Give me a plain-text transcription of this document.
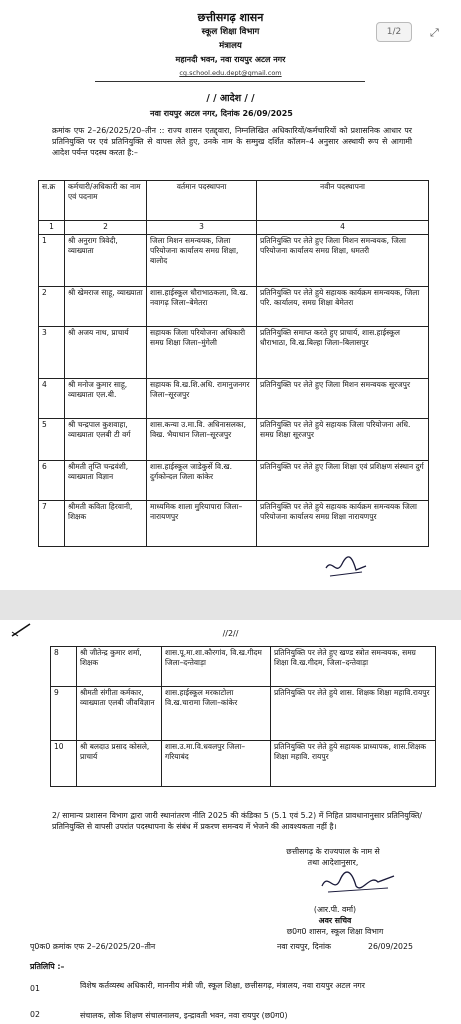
1/2	⤢
छत्तीसगढ़ शासन
स्कूल शिक्षा विभाग
मंत्रालय
महानदी भवन, नवा रायपुर अटल नगर
cg.school.edu.dept@gmail.com
/ / आदेश / /
नवा रायपुर अटल नगर, दिनांक 26/09/2025
क्रमांक एफ 2–26/2025/20–तीन :: राज्य शासन एतद्द्वारा, निम्नलिखित अधिकारियों/कर्मचारियों को प्रशासनिक आधार पर प्रतिनियुक्ति पर एवं प्रतिनियुक्ति से वापस लेते हुए, उनके नाम के सम्मुख दर्शित कॉलम–4 अनुसार अस्थायी रूप से आगामी आदेश पर्यन्त पदस्थ करता है:–
स.क्र	कर्मचारी/अधिकारी का नाम एवं पदनाम	वर्तमान पदस्थापना	नवीन पदस्थापना
1	2	3	4
1	श्री अनुराग त्रिवेदी, व्याख्याता	जिला मिशन समन्वयक, जिला परियोजना कार्यालय समग्र शिक्षा, बालोद	प्रतिनियुक्ति पर लेते हुए जिला मिशन समन्वयक, जिला परियोजना कार्यालय समग्र शिक्षा, धमतरी
2	श्री खेमराज साहू, व्याख्याता	शास.हाईस्कूल धौराभाठकला, वि.ख. नवागढ़ जिला–बेमेतरा	प्रतिनियुक्ति पर लेते हुये सहायक कार्यक्रम समन्वयक, जिला परि. कार्यालय, समग्र शिक्षा बेमेतरा
3	श्री अजय नाथ, प्राचार्य	सहायक जिला परियोजना अधिकारी समग्र शिक्षा जिला–मुंगेली	प्रतिनियुक्ति समाप्त करते हुए प्राचार्य, शास.हाईस्कूल धौराभाठा, वि.ख.बिल्हा जिला–बिलासपुर
4	श्री मनोज कुमार साहू, व्याख्याता एल.बी.	सहायक वि.ख.शि.अधि. रामानुजनगर जिला–सूरजपुर	प्रतिनियुक्ति पर लेते हुए जिला मिशन समन्वयक सूरजपुर
5	श्री चन्द्रपाल कुशवाहा, व्याख्याता एलबी टी वर्ग	शास.कन्या उ.मा.वि. अधिनासलका, विख. भैयाथान जिला–सूरजपुर	प्रतिनियुक्ति पर लेते हुये सहायक जिला परियोजना अधि. समग्र शिक्षा सूरजपुर
6	श्रीमती तृप्ति चन्द्रवंशी, व्याख्याता विज्ञान	शास.हाईस्कूल जाडेकुर्से वि.ख. दुर्गकोन्दल जिला कांकेर	प्रतिनियुक्ति पर लेते हुए जिला शिक्षा एवं प्रशिक्षण संस्थान दुर्ग
7	श्रीमती कविता हिरवानी, शिक्षक	माध्यमिक शाला मुरियापारा जिला–नारायणपुर	प्रतिनियुक्ति पर लेते हुये सहायक कार्यक्रम समन्वयक जिला परियोजना कार्यालय समग्र शिक्षा नारायणपुर
//2//
8	श्री जीतेन्द्र कुमार शर्मा, शिक्षक	शास.पू.मा.शा.कौरगांव, वि.ख.गीदम जिला–दन्तेवाड़ा	प्रतिनियुक्ति पर लेते हुए खण्ड स्त्रोत समन्वयक, समग्र शिक्षा वि.ख.गीदम, जिला–दन्तेवाड़ा
9	श्रीमती संगीता कर्मकार, व्याख्याता एलबी जीवविज्ञान	शास.हाईस्कूल मरकाटोला वि.ख.चारामा जिला–कांकेर	प्रतिनियुक्ति पर लेते हुये शास. शिक्षक शिक्षा महावि.रायपुर
10	श्री बलदाउ प्रसाद कोसले, प्राचार्य	शास.उ.मा.वि.धवलपुर जिला–गरियाबंद	प्रतिनियुक्ति पर लेते हुये सहायक प्राध्यापक, शास.शिक्षक शिक्षा महावि. रायपुर
2/ सामान्य प्रशासन विभाग द्वारा जारी स्थानांतरण नीति 2025 की कंडिका 5 (5.1 एवं 5.2) में निहित प्रावधानानुसार प्रतिनियुक्ति/प्रतिनियुक्ति से वापसी उपरांत पदस्थापना के संबंध में प्रकरण समन्वय में भेजने की आवश्यकता नहीं है।
छत्तीसगढ़ के राज्यपाल के नाम से
तथा आदेशानुसार,
(आर.पी. वर्मा)
अवर सचिव
छ0ग0 शासन, स्कूल शिक्षा विभाग
पृ0क0 क्रमांक एफ 2–26/2025/20–तीन	नवा रायपुर, दिनांक	26/09/2025
प्रतिलिपि :–
01	विशेष कर्तव्यस्थ अधिकारी, माननीय मंत्री जी, स्कूल शिक्षा, छत्तीसगढ़, मंत्रालय, नवा रायपुर अटल नगर
02	संचालक, लोक शिक्षण संचालनालय, इन्द्रावती भवन, नवा रायपुर (छ0ग0)
